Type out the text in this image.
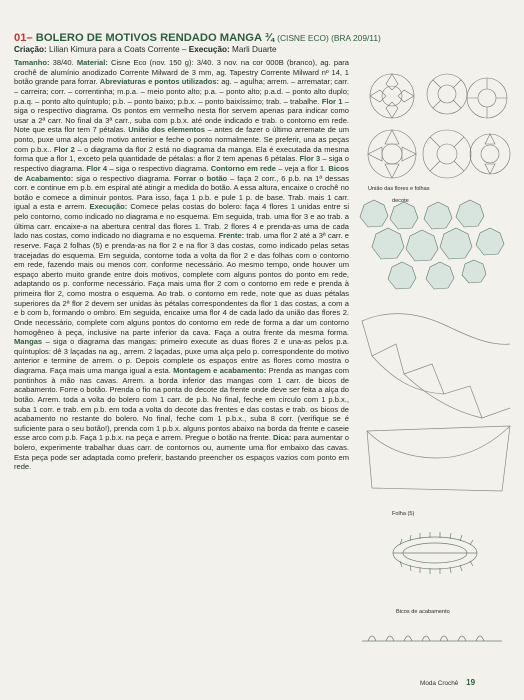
01– BOLERO DE MOTIVOS RENDADO MANGA ¾ (CISNE ECO) (BRA 209/11)
Criação: Lilian Kimura para a Coats Corrente – Execução: Marli Duarte

Tamanho: 38/40. Material: Cisne Eco (nov. 150 g): 3/40. 3 nov. na cor 000B (branco), ag. para crochê de alumínio anodizado Corrente Milward de 3 mm, ag. Tapestry Corrente Milward nº 14, 1 botão grande para forrar. Abreviaturas e pontos utilizados: ag. – agulha; arrem. – arrematar; carr. – carreira; corr. – correntinha; m.p.a. – meio ponto alto; p.a. – ponto alto; p.a.d. – ponto alto duplo; p.a.q. – ponto alto quíntuplo; p.b. – ponto baixo; p.b.x. – ponto baixíssimo; trab. – trabalhe. Flor 1 – siga o respectivo diagrama. Os pontos em vermelho nesta flor servem apenas para indicar como usar a 2ª carr. No final da 3ª carr., suba com p.b.x. até onde indicado e trab. o contorno em rede. Note que esta flor tem 7 pétalas. União dos elementos – antes de fazer o último arremate de um ponto, puxe uma alça pelo motivo anterior e feche o ponto normalmente. Se preferir, una as peças com p.b.x.. Flor 2 – o diagrama da flor 2 está no diagrama da manga. Ela é executada da mesma forma que a flor 1, exceto pela quantidade de pétalas: a flor 2 tem apenas 6 pétalas. Flor 3 – siga o respectivo diagrama. Flor 4 – siga o respectivo diagrama. Contorno em rede – veja a flor 1. Bicos de Acabamento: siga o respectivo diagrama. Forrar o botão – faça 2 corr., 6 p.b. na 1ª dessas corr. e continue em p.b. em espiral até atingir a medida do botão. A essa altura, encaixe o crochê no botão e comece a diminuir pontos. Para isso, faça 1 p.b. e pule 1 p. de base. Trab. mais 1 carr. igual a esta e arrem. Execução: Comece pelas costas do bolero: faça 4 flores 1 unidas entre si pelo contorno, como indicado no diagrama e no esquema. Em seguida, trab. uma flor 3 e ao trab. a última carr. encaixe-a na abertura central das flores 1. Trab. 2 flores 4 e prenda-as uma de cada lado nas costas, como indicado no diagrama e no esquema. Frente: trab. uma flor 2 até a 3ª carr. e reserve. Faça 2 folhas (5) e prenda-as na flor 2 e na flor 3 das costas, como indicado pelas setas tracejadas do esquema. Em seguida, contorne toda a volta da flor 2 e das folhas com o contorno em rede, fazendo mais ou menos corr. conforme necessário. Ao mesmo tempo, onde houver um espaço aberto muito grande entre dois motivos, complete com alguns pontos do ponto em rede, adaptando os p. conforme necessário. Faça mais uma flor 2 com o contorno em rede e prenda à primeira flor 2, como mostra o esquema. Ao trab. o contorno em rede, note que as duas pétalas superiores da 2ª flor 2 devem ser unidas às pétalas correspondentes da flor 1 das costas, a com a e b com b, formando o ombro. Em seguida, encaixe uma flor 4 de cada lado da união das flores 2. Onde necessário, complete com alguns pontos do contorno em rede de forma a dar um contorno homogêneo à peça, inclusive na parte inferior da cava. Faça a outra frente da mesma forma. Mangas – siga o diagrama das mangas: primeiro execute as duas flores 2 e una-as pelos p.a. quíntuplos: dê 3 laçadas na ag., arrem. 2 laçadas, puxe uma alça pelo p. correspondente do motivo anterior e termine de arrem. o p. Depois complete os espaços entre as flores como mostra o diagrama. Faça mais uma manga igual a esta. Montagem e acabamento: Prenda as mangas com pontinhos à mão nas cavas. Arrem. a borda inferior das mangas com 1 carr. de bicos de acabamento. Forre o botão. Prenda o fio na ponta do decote da frente onde deve ser feita a alça do botão. Arrem. toda a volta do bolero com 1 carr. de p.b. No final, feche em círculo com 1 p.b.x., suba 1 corr. e trab. em p.b. em toda a volta do decote das frentes e das costas e trab. os bicos de acabamento no restante do bolero. No final, feche com 1 p.b.x., suba 8 corr. (verifique se é suficiente para o seu botão!), prenda com 1 p.b.x. alguns pontos abaixo na borda da frente e caseie esse arco com p.b. Faça 1 p.b.x. na peça e arrem. Pregue o botão na frente. Dica: para aumentar o bolero, experimente trabalhar duas carr. de contornos ou, aumente uma flor embaixo das cavas. Esta peça pode ser adaptada como preferir, bastando preencher os espaços vazios com ponto em rede.

União das flores e folhas
decote
Folha (5)
Bicos de acabamento
Moda Crochê 19
